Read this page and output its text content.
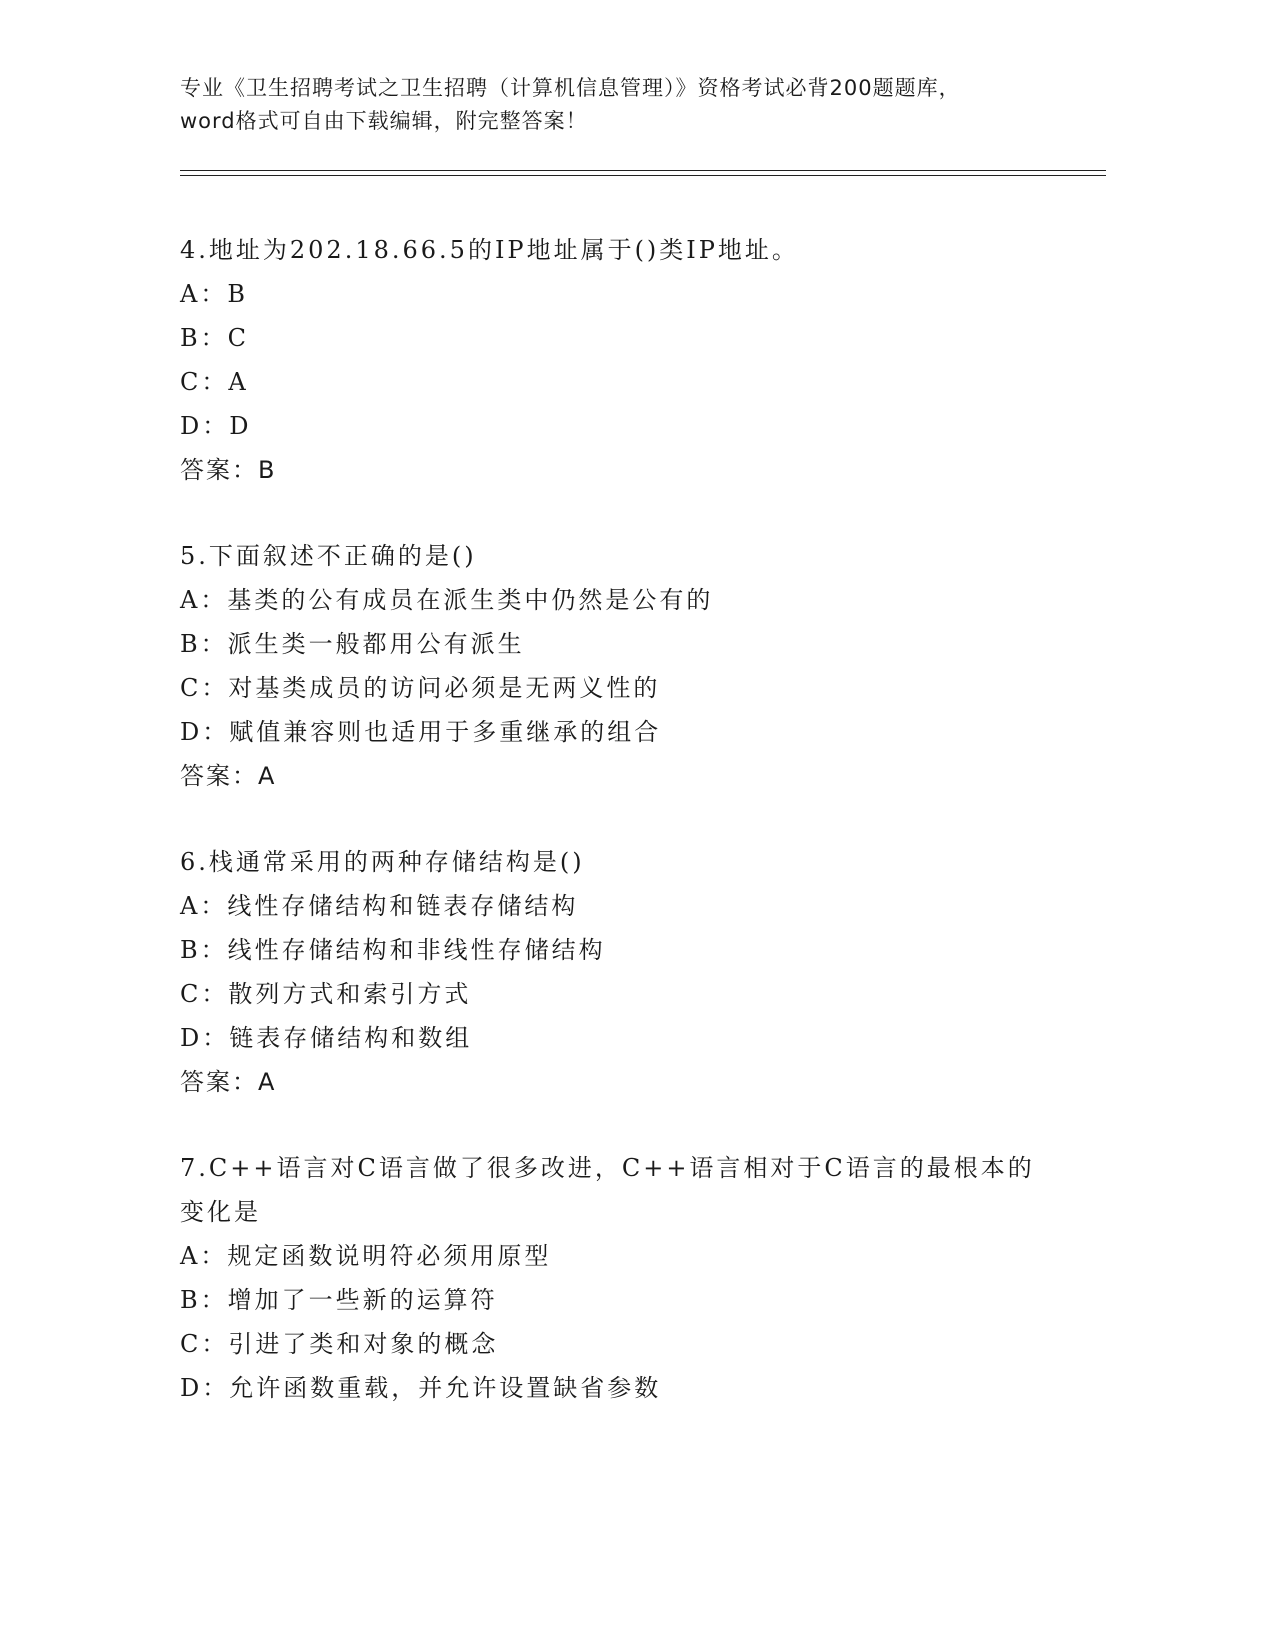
专业《卫生招聘考试之卫生招聘（计算机信息管理）》资格考试必背200题题库，
word格式可自由下载编辑，附完整答案！

4.地址为202.18.66.5的IP地址属于()类IP地址。

A：B

B：C

C：A

D：D

答案：B

5.下面叙述不正确的是()

A：基类的公有成员在派生类中仍然是公有的

B：派生类一般都用公有派生

C：对基类成员的访问必须是无两义性的

D：赋值兼容则也适用于多重继承的组合

答案：A

6.栈通常采用的两种存储结构是()

A：线性存储结构和链表存储结构

B：线性存储结构和非线性存储结构

C：散列方式和索引方式

D：链表存储结构和数组

答案：A

7.C++语言对C语言做了很多改进，C++语言相对于C语言的最根本的变化是

A：规定函数说明符必须用原型

B：增加了一些新的运算符

C：引进了类和对象的概念

D：允许函数重载，并允许设置缺省参数
